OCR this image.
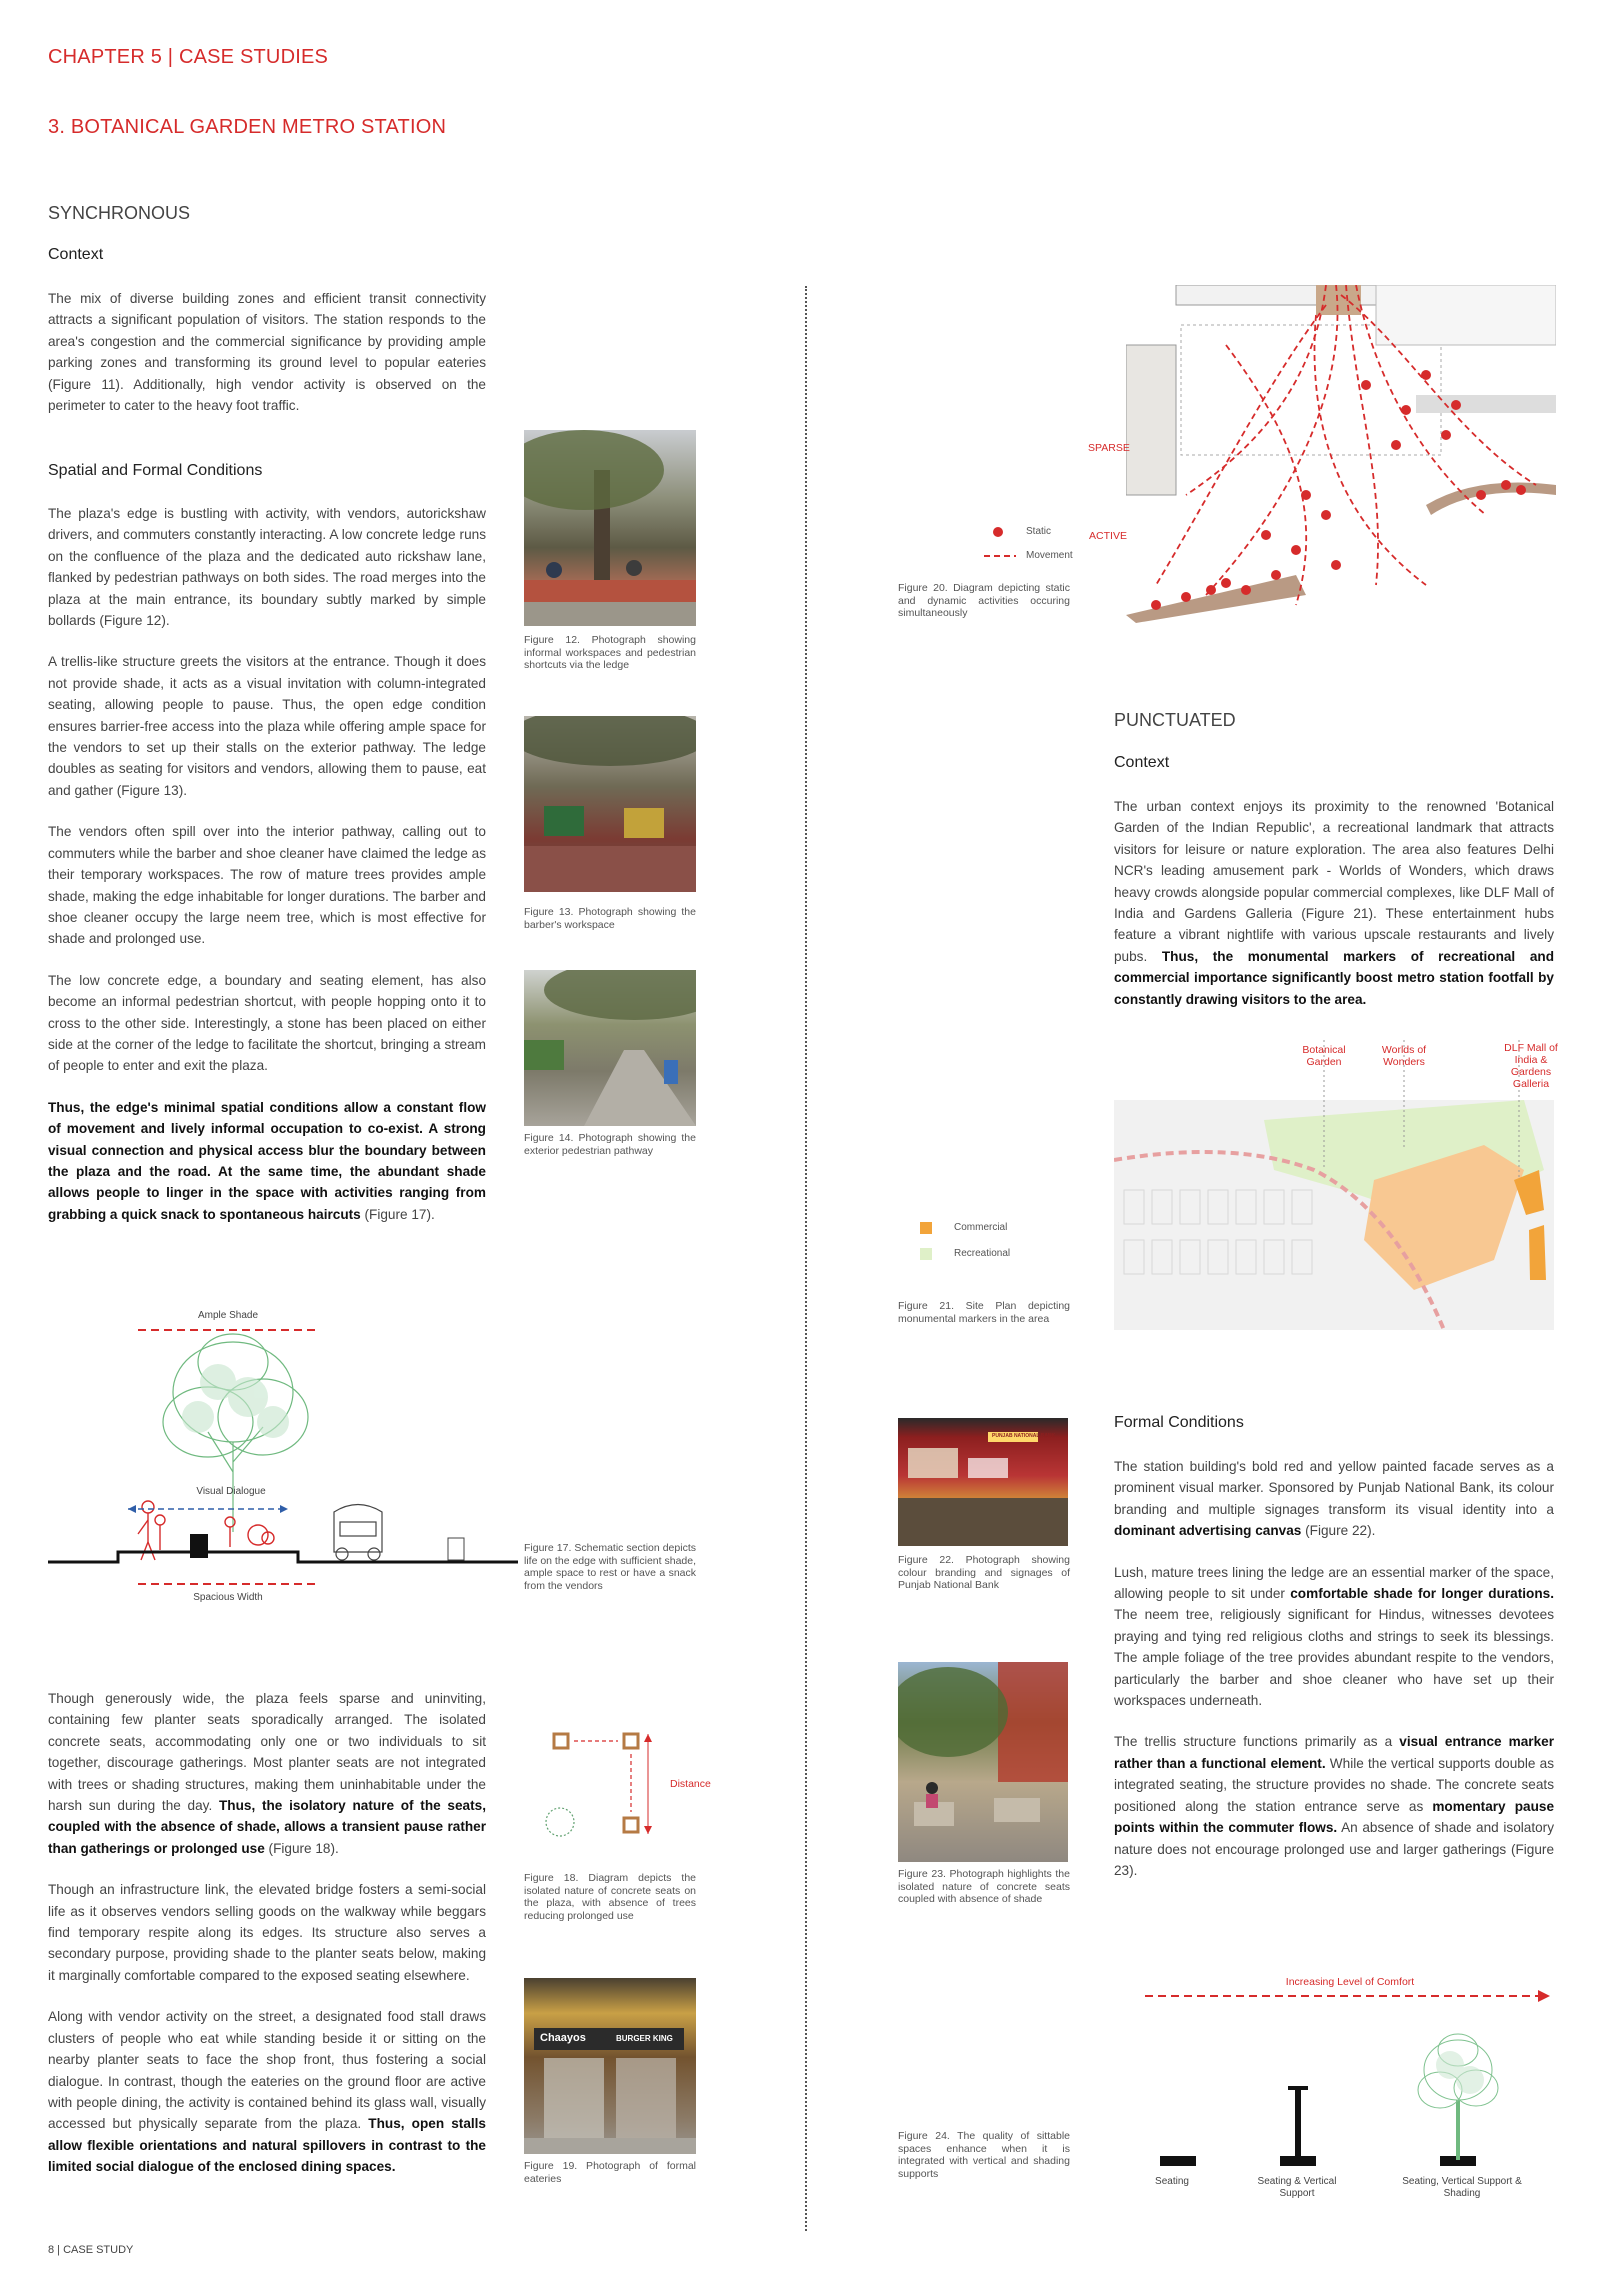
CHAPTER 5 | CASE STUDIES
3. BOTANICAL GARDEN METRO STATION
SYNCHRONOUS
Context

The mix of diverse building zones and efficient transit connectivity attracts a significant population of visitors. The station responds to the area's congestion and the commercial significance by providing ample parking zones and transforming its ground level to popular eateries (Figure 11). Additionally, high vendor activity is observed on the perimeter to cater to the heavy foot traffic.

Spatial and Formal Conditions

The plaza's edge is bustling with activity, with vendors, autorickshaw drivers, and commuters constantly interacting. A low concrete ledge runs on the confluence of the plaza and the dedicated auto rickshaw lane, flanked by pedestrian pathways on both sides. The road merges into the plaza at the main entrance, its boundary subtly marked by simple bollards (Figure 12).

A trellis-like structure greets the visitors at the entrance. Though it does not provide shade, it acts as a visual invitation with column-integrated seating, allowing people to pause. Thus, the open edge condition ensures barrier-free access into the plaza while offering ample space for the vendors to set up their stalls on the exterior pathway. The ledge doubles as seating for visitors and vendors, allowing them to pause, eat and gather (Figure 13).

The vendors often spill over into the interior pathway, calling out to commuters while the barber and shoe cleaner have claimed the ledge as their temporary workspaces. The row of mature trees provides ample shade, making the edge inhabitable for longer durations. The barber and shoe cleaner occupy the large neem tree, which is most effective for shade and prolonged use.

The low concrete edge, a boundary and seating element, has also become an informal pedestrian shortcut, with people hopping onto it to cross to the other side. Interestingly, a stone has been placed on either side at the corner of the ledge to facilitate the shortcut, bringing a stream of people to enter and exit the plaza.

Thus, the edge's minimal spatial conditions allow a constant flow of movement and lively informal occupation to co-exist. A strong visual connection and physical access blur the boundary between the plaza and the road. At the same time, the abundant shade allows people to linger in the space with activities ranging from grabbing a quick snack to spontaneous haircuts (Figure 17).

Though generously wide, the plaza feels sparse and uninviting, containing few planter seats sporadically arranged. The isolated concrete seats, accommodating only one or two individuals to sit together, discourage gatherings. Most planter seats are not integrated with trees or shading structures, making them uninhabitable under the harsh sun during the day. Thus, the isolatory nature of the seats, coupled with the absence of shade, allows a transient pause rather than gatherings or prolonged use (Figure 18).

Though an infrastructure link, the elevated bridge fosters a semi-social life as it observes vendors selling goods on the walkway while beggars find temporary respite along its edges. Its structure also serves a secondary purpose, providing shade to the planter seats below, making it marginally comfortable compared to the exposed seating elsewhere.

Along with vendor activity on the street, a designated food stall draws clusters of people who eat while standing beside it or sitting on the nearby planter seats to face the shop front, thus fostering a social dialogue. In contrast, though the eateries on the ground floor are active with people dining, the activity is contained behind its glass wall, visually accessed but physically separate from the plaza. Thus, open stalls allow flexible orientations and natural spillovers in contrast to the limited social dialogue of the enclosed dining spaces.

Figure 12. Photograph showing informal workspaces and pedestrian shortcuts via the ledge
Figure 13. Photograph showing the barber's workspace
Figure 14. Photograph showing the exterior pedestrian pathway
Ample Shade
Visual Dialogue
Spacious Width
Figure 17. Schematic section depicts life on the edge with sufficient shade, ample space to rest or have a snack from the vendors
Distance
Figure 18. Diagram depicts the isolated nature of concrete seats on the plaza, with absence of trees reducing prolonged use
Chaayos	BURGER KING
Figure 19. Photograph of formal eateries
Static
Movement
SPARSE
ACTIVE
Figure 20. Diagram depicting static and dynamic activities occuring simultaneously
PUNCTUATED
Context

The urban context enjoys its proximity to the renowned 'Botanical Garden of the Indian Republic', a recreational landmark that attracts visitors for leisure or nature exploration. The area also features Delhi NCR's leading amusement park - Worlds of Wonders, which draws heavy crowds alongside popular commercial complexes, like DLF Mall of India and Gardens Galleria (Figure 21). These entertainment hubs feature a vibrant nightlife with various upscale restaurants and lively pubs. Thus, the monumental markers of recreational and commercial importance significantly boost metro station footfall by constantly drawing visitors to the area.

Botanical Garden
Worlds of Wonders
DLF Mall of India & Gardens Galleria
Commercial
Recreational
Figure 21. Site Plan depicting monumental markers in the area
PUNJAB NATIONAL BANK
Figure 22. Photograph showing colour branding and signages of Punjab National Bank
Figure 23. Photograph highlights the isolated nature of concrete seats coupled with absence of shade
Formal Conditions

The station building's bold red and yellow painted facade serves as a prominent visual marker. Sponsored by Punjab National Bank, its colour branding and multiple signages transform its visual identity into a dominant advertising canvas (Figure 22).

Lush, mature trees lining the ledge are an essential marker of the space, allowing people to sit under comfortable shade for longer durations. The neem tree, religiously significant for Hindus, witnesses devotees praying and tying red religious cloths and strings to seek its blessings. The ample foliage of the tree provides abundant respite to the vendors, particularly the barber and shoe cleaner who have set up their workspaces underneath.

The trellis structure functions primarily as a visual entrance marker rather than a functional element. While the vertical supports double as integrated seating, the structure provides no shade. The concrete seats positioned along the station entrance serve as momentary pause points within the commuter flows. An absence of shade and isolatory nature does not encourage prolonged use and larger gatherings (Figure 23).

Increasing Level of Comfort
Seating	Seating & Vertical Support
Seating, Vertical Support & Shading
Figure 24. The quality of sittable spaces enhance when it is integrated with vertical and shading supports
8 | CASE STUDY
